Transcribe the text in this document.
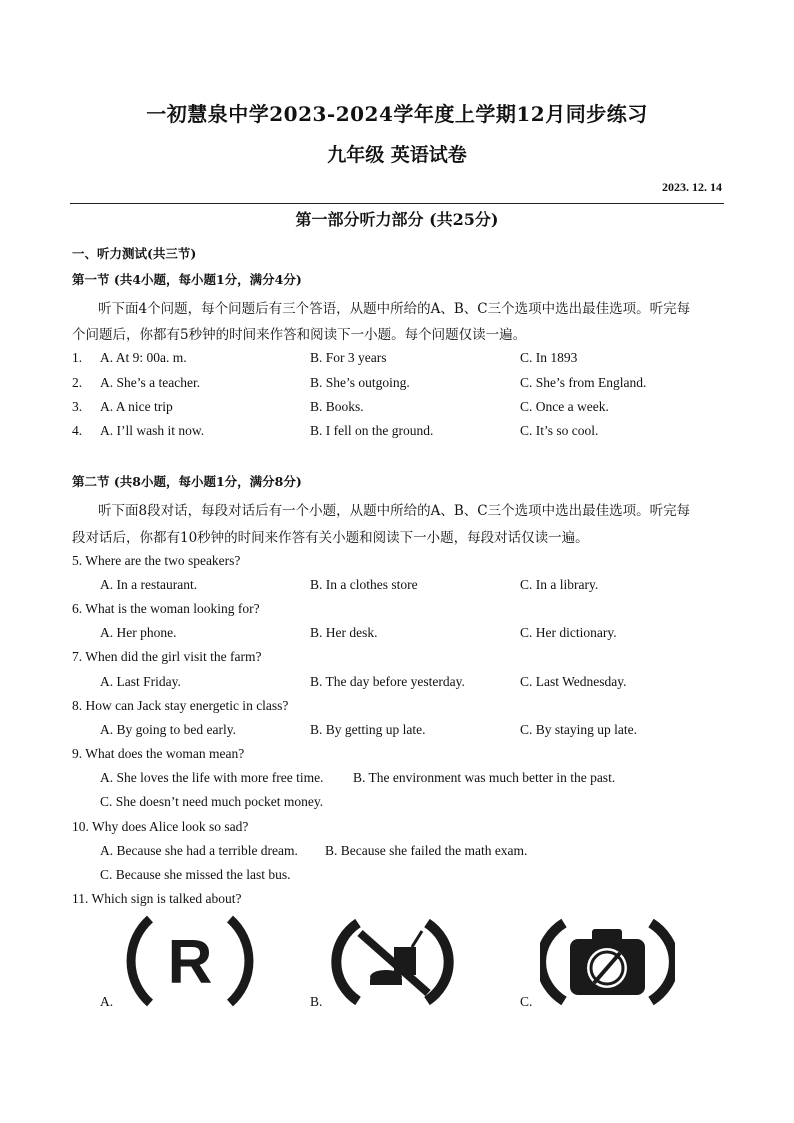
一初慧泉中学2023-2024学年度上学期12月同步练习
九年级 英语试卷
2023. 12. 14
第一部分听力部分 (共25分)
一、听力测试(共三节)
第一节 (共4小题，每小题1分，满分4分)
听下面4个问题，每个问题后有三个答语，从题中所给的A、B、C三个选项中选出最佳选项。听完每
个问题后，你都有5秒钟的时间来作答和阅读下一小题。每个问题仅读一遍。
1. A. At 9: 00a. m.	B. For 3 years	C. In 1893
2. A. She’s a teacher.	B. She’s outgoing.	C. She’s from England.
3. A. A nice trip	B. Books.	C. Once a week.
4. A. I’ll wash it now.	B. I fell on the ground.	C. It’s so cool.
第二节 (共8小题，每小题1分，满分8分)
听下面8段对话，每段对话后有一个小题，从题中所给的A、B、C三个选项中选出最佳选项。听完每
段对话后，你都有10秒钟的时间来作答有关小题和阅读下一小题，每段对话仅读一遍。
5. Where are the two speakers?
A. In a restaurant.	B. In a clothes store	C. In a library.
6. What is the woman looking for?
A. Her phone.	B. Her desk.	C. Her dictionary.
7. When did the girl visit the farm?
A. Last Friday.	B. The day before yesterday.	C. Last Wednesday.
8. How can Jack stay energetic in class?
A. By going to bed early.	B. By getting up late.	C. By staying up late.
9. What does the woman mean?
A. She loves the life with more free time. B. The environment was much better in the past.
C. She doesn’t need much pocket money.
10. Why does Alice look so sad?
A. Because she had a terrible dream. B. Because she failed the math exam.
C. Because she missed the last bus.
11. Which sign is talked about?
A.	B.	C.
R
